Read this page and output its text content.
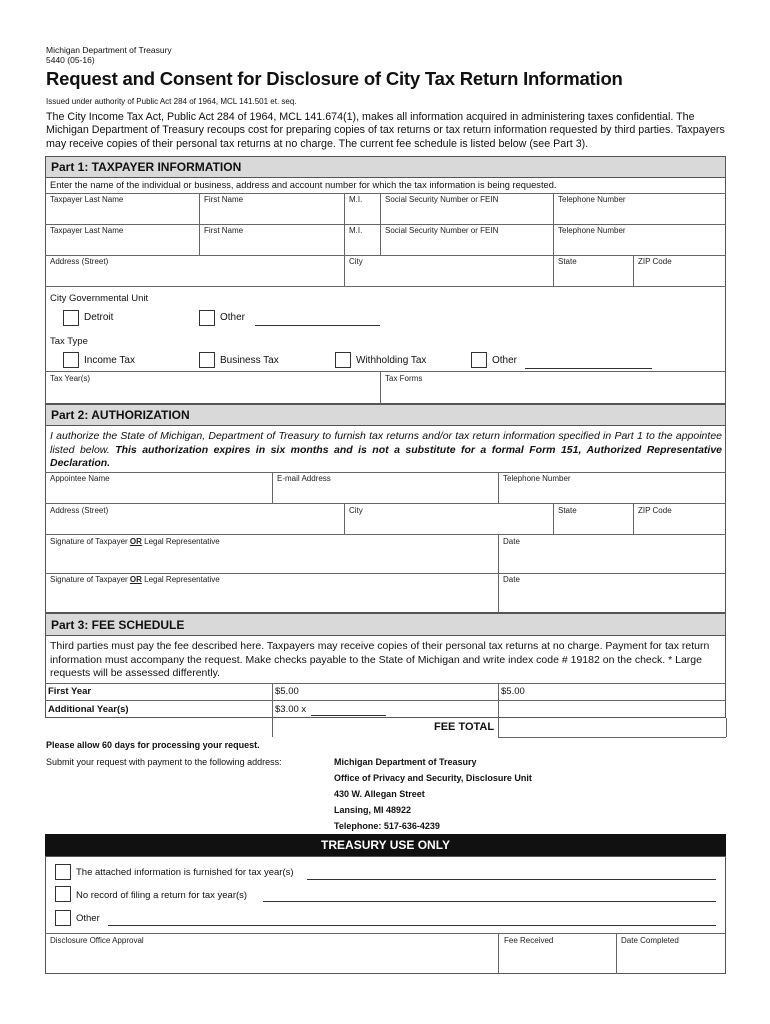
Michigan Department of Treasury
5440 (05-16)
Request and Consent for Disclosure of City Tax Return Information
Issued under authority of Public Act 284 of 1964, MCL 141.501 et. seq.
The City Income Tax Act, Public Act 284 of 1964, MCL 141.674(1), makes all information acquired in administering taxes confidential. The Michigan Department of Treasury recoups cost for preparing copies of tax returns or tax return information requested by third parties. Taxpayers may receive copies of their personal tax returns at no charge. The current fee schedule is listed below (see Part 3).
Part 1: TAXPAYER INFORMATION
Enter the name of the individual or business, address and account number for which the tax information is being requested.
Taxpayer Last Name	First Name	M.I.	Social Security Number or FEIN	Telephone Number
Taxpayer Last Name	First Name	M.I.	Social Security Number or FEIN	Telephone Number
Address (Street)	City	State	ZIP Code
City Governmental Unit
Detroit	Other
Tax Type
Income Tax	Business Tax	Withholding Tax	Other
Tax Year(s)	Tax Forms
Part 2: AUTHORIZATION
I authorize the State of Michigan, Department of Treasury to furnish tax returns and/or tax return information specified in Part 1 to the appointee listed below. This authorization expires in six months and is not a substitute for a formal Form 151, Authorized Representative Declaration.
Appointee Name	E-mail Address	Telephone Number
Address (Street)	City	State	ZIP Code
Signature of Taxpayer OR Legal Representative	Date
Signature of Taxpayer OR Legal Representative	Date
Part 3: FEE SCHEDULE
Third parties must pay the fee described here. Taxpayers may receive copies of their personal tax returns at no charge. Payment for tax return information must accompany the request. Make checks payable to the State of Michigan and write index code # 19182 on the check. * Large requests will be assessed differently.
First Year	$5.00	$5.00
Additional Year(s)	$3.00 x
FEE TOTAL
Please allow 60 days for processing your request.
Submit your request with payment to the following address:	Michigan Department of Treasury
Office of Privacy and Security, Disclosure Unit
430 W. Allegan Street
Lansing, MI 48922
Telephone: 517-636-4239
TREASURY USE ONLY
The attached information is furnished for tax year(s)
No record of filing a return for tax year(s)
Other
Disclosure Office Approval	Fee Received	Date Completed
